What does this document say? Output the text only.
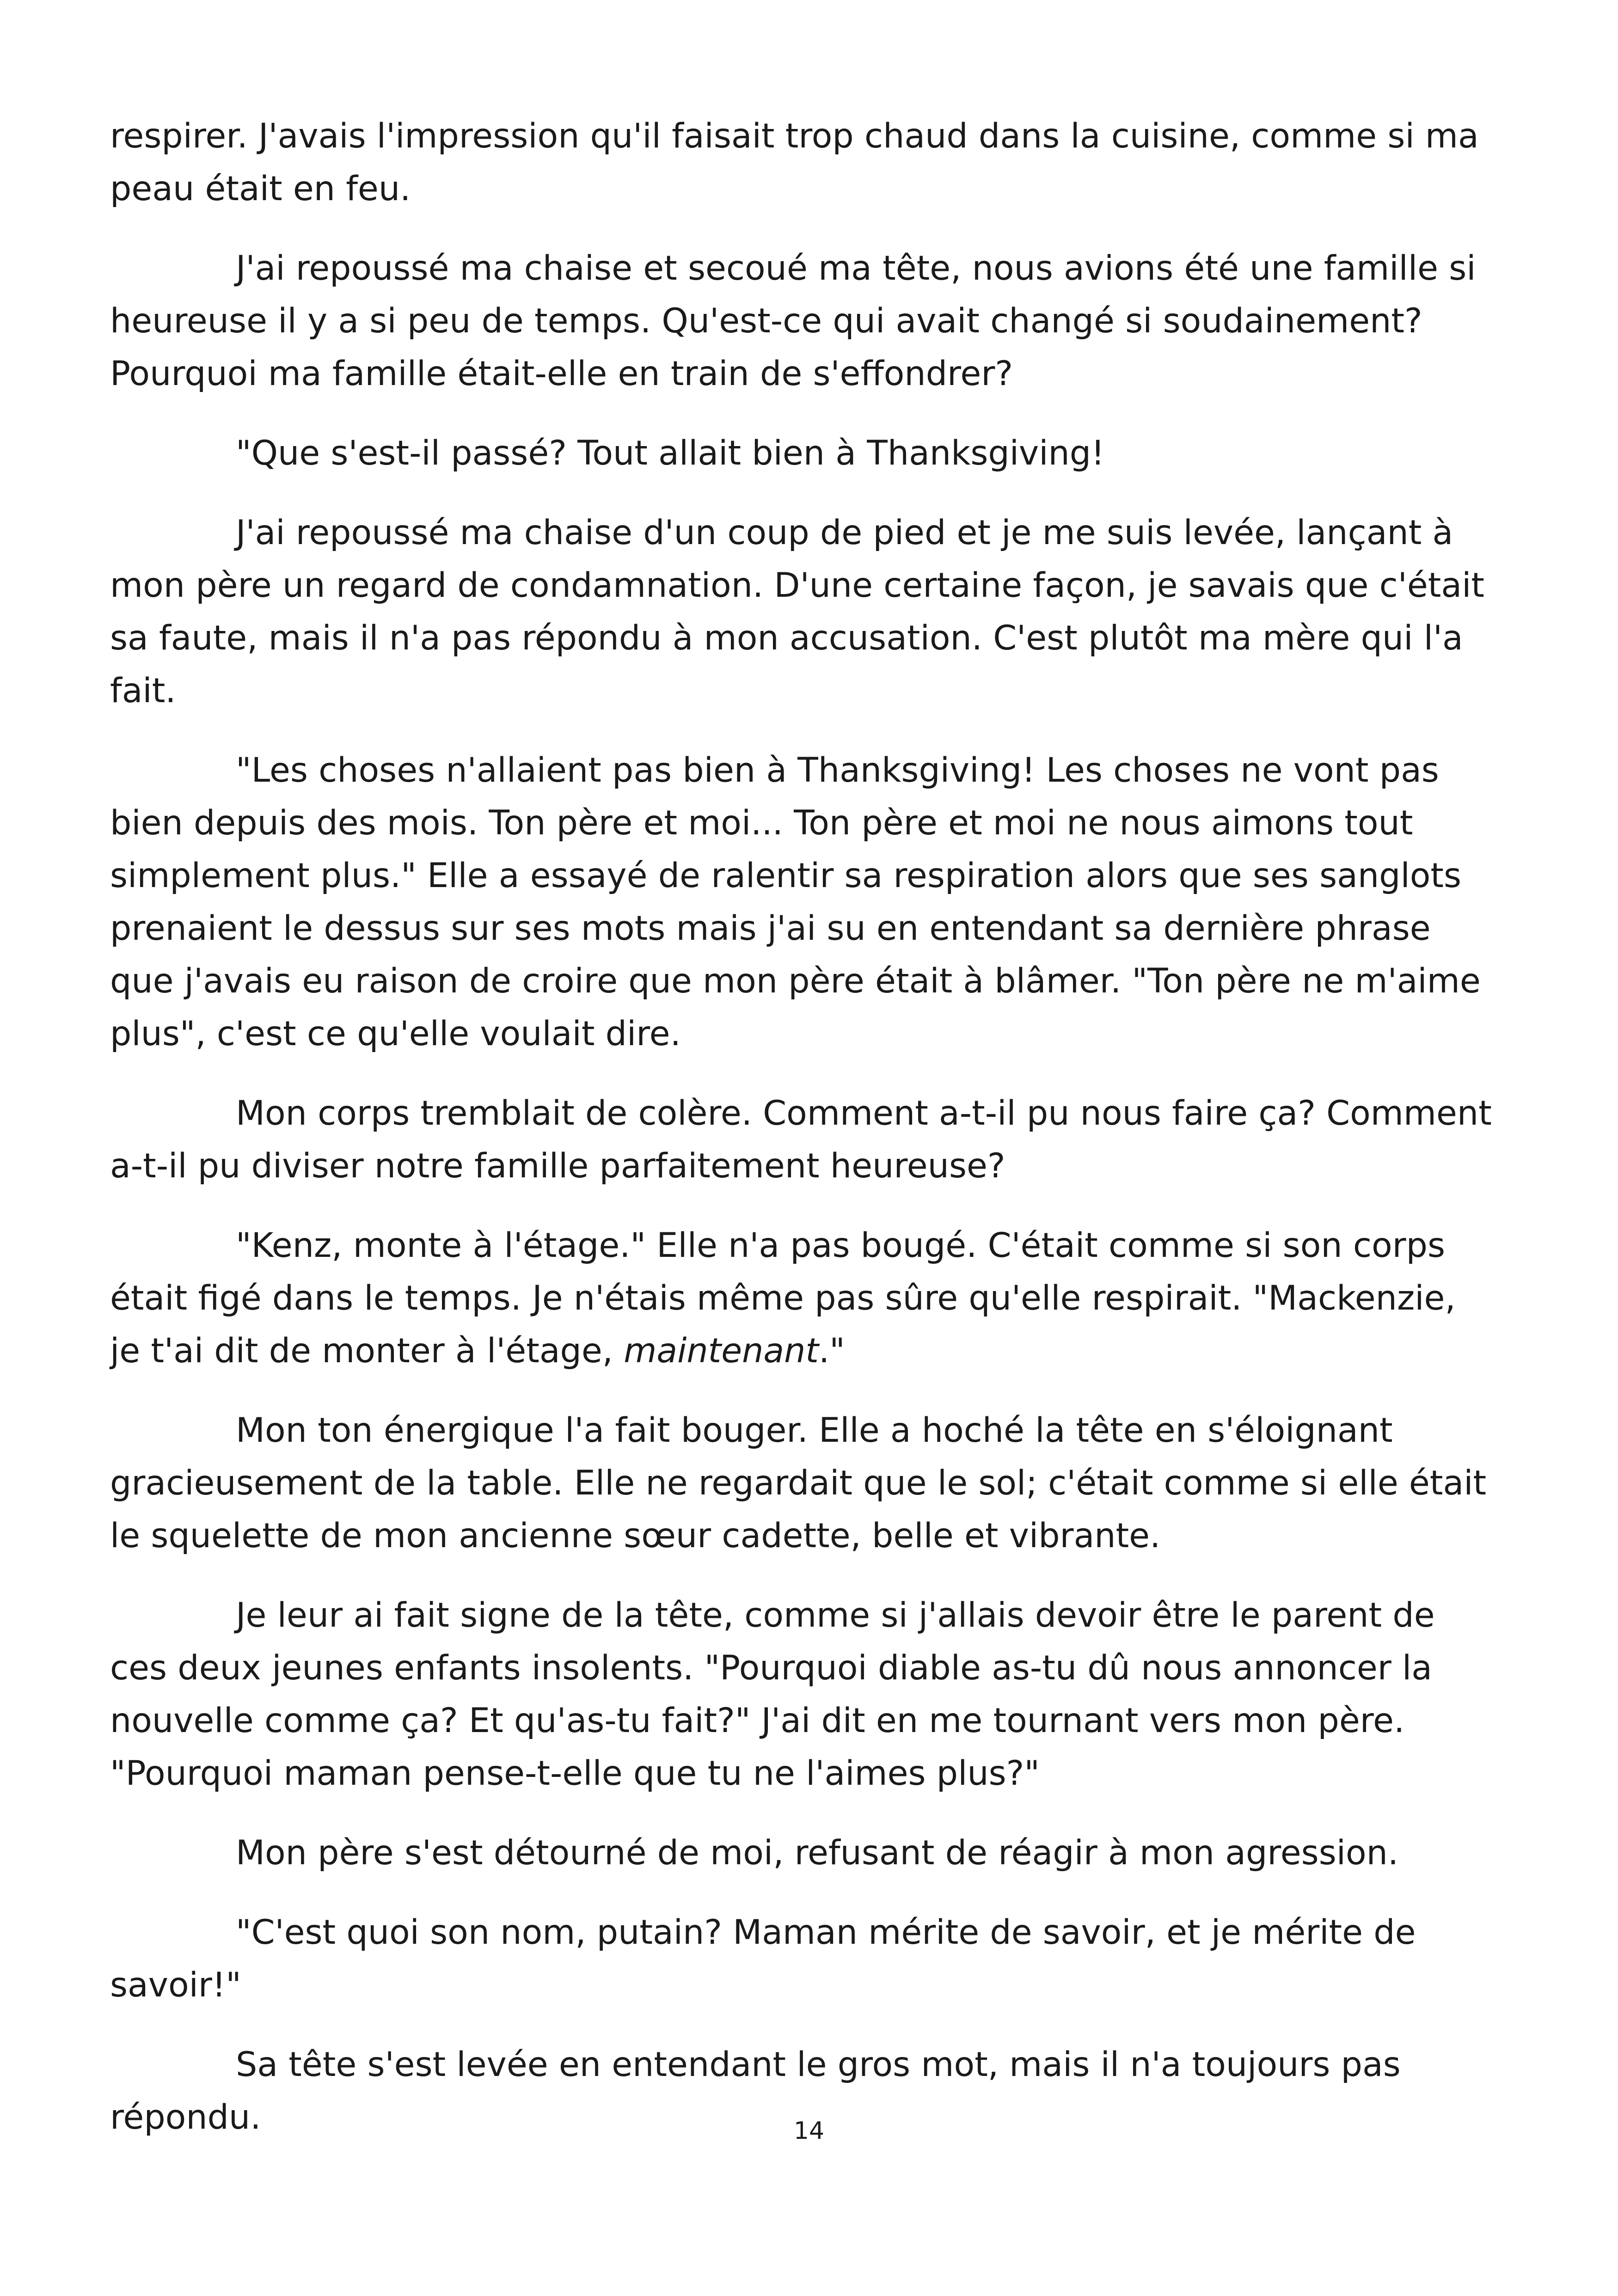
respirer. J'avais l'impression qu'il faisait trop chaud dans la cuisine, comme si ma peau était en feu.

J'ai repoussé ma chaise et secoué ma tête, nous avions été une famille si heureuse il y a si peu de temps. Qu'est-ce qui avait changé si soudainement? Pourquoi ma famille était-elle en train de s'effondrer?

"Que s'est-il passé? Tout allait bien à Thanksgiving!

J'ai repoussé ma chaise d'un coup de pied et je me suis levée, lançant à mon père un regard de condamnation. D'une certaine façon, je savais que c'était sa faute, mais il n'a pas répondu à mon accusation. C'est plutôt ma mère qui l'a fait.

"Les choses n'allaient pas bien à Thanksgiving! Les choses ne vont pas bien depuis des mois. Ton père et moi... Ton père et moi ne nous aimons tout simplement plus." Elle a essayé de ralentir sa respiration alors que ses sanglots prenaient le dessus sur ses mots mais j'ai su en entendant sa dernière phrase que j'avais eu raison de croire que mon père était à blâmer. "Ton père ne m'aime plus", c'est ce qu'elle voulait dire.

Mon corps tremblait de colère. Comment a-t-il pu nous faire ça? Comment a-t-il pu diviser notre famille parfaitement heureuse?

"Kenz, monte à l'étage." Elle n'a pas bougé. C'était comme si son corps était figé dans le temps. Je n'étais même pas sûre qu'elle respirait. "Mackenzie, je t'ai dit de monter à l'étage, maintenant."

Mon ton énergique l'a fait bouger. Elle a hoché la tête en s'éloignant gracieusement de la table. Elle ne regardait que le sol; c'était comme si elle était le squelette de mon ancienne sœur cadette, belle et vibrante.

Je leur ai fait signe de la tête, comme si j'allais devoir être le parent de ces deux jeunes enfants insolents. "Pourquoi diable as-tu dû nous annoncer la nouvelle comme ça? Et qu'as-tu fait?" J'ai dit en me tournant vers mon père. "Pourquoi maman pense-t-elle que tu ne l'aimes plus?"

Mon père s'est détourné de moi, refusant de réagir à mon agression.

"C'est quoi son nom, putain? Maman mérite de savoir, et je mérite de savoir!"

Sa tête s'est levée en entendant le gros mot, mais il n'a toujours pas répondu.	14
